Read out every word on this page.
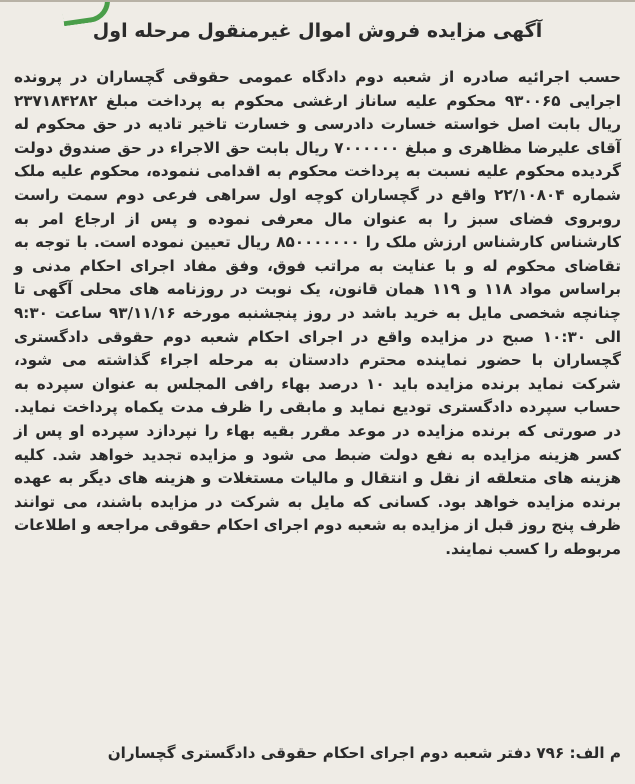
آگهی مزایده فروش اموال غیرمنقول مرحله اول
حسب اجرائیه صادره از شعبه دوم دادگاه عمومی حقوقی گچساران در پرونده اجرایی ۹۳۰۰۶۵ محکوم علیه ساناز ارغشی محکوم به پرداخت مبلغ ۲۳۷۱۸۴۲۸۲ ریال بابت اصل خواسته خسارت دادرسی و خسارت تاخیر تادیه در حق محکوم له آقای علیرضا مظاهری و مبلغ ۷۰۰۰۰۰۰ ریال بابت حق الاجراء در حق صندوق دولت گردیده محکوم علیه نسبت به پرداخت محکوم به اقدامی ننموده، محکوم علیه ملک شماره ۲۲/۱۰۸۰۴ واقع در گچساران کوچه اول سراهی فرعی دوم سمت راست روبروی فضای سبز را به عنوان مال معرفی نموده و پس از ارجاع امر به کارشناس کارشناس ارزش ملک را ۸۵۰۰۰۰۰۰۰ ریال تعیین نموده است. با توجه به تقاضای محکوم له و با عنایت به مراتب فوق، وفق مفاد اجرای احکام مدنی و براساس مواد ۱۱۸ و ۱۱۹ همان قانون، یک نوبت در روزنامه های محلی آگهی تا چنانچه شخصی مایل به خرید باشد در روز پنجشنبه مورخه ۹۳/۱۱/۱۶ ساعت ۹:۳۰ الی ۱۰:۳۰ صبح در مزایده واقع در اجرای احکام شعبه دوم حقوقی دادگستری گچساران با حضور نماینده محترم دادستان به مرحله اجراء گذاشته می شود، شرکت نماید برنده مزایده باید ۱۰ درصد بهاء رافی المجلس به عنوان سپرده به حساب سپرده دادگستری تودیع نماید و مابقی را ظرف مدت یکماه پرداخت نماید. در صورتی که برنده مزایده در موعد مقرر بقیه بهاء را نپردازد سپرده او پس از کسر هزینه مزایده به نفع دولت ضبط می شود و مزایده تجدید خواهد شد. کلیه هزینه های متعلقه از نقل و انتقال و مالیات مستغلات و هزینه های دیگر به عهده برنده مزایده خواهد بود. کسانی که مایل به شرکت در مزایده باشند، می توانند ظرف پنج روز قبل از مزایده به شعبه دوم اجرای احکام حقوقی مراجعه و اطلاعات مربوطه را کسب نمایند.
م الف: ۷۹۶ دفتر شعبه دوم اجرای احکام حقوقی دادگستری گچساران
